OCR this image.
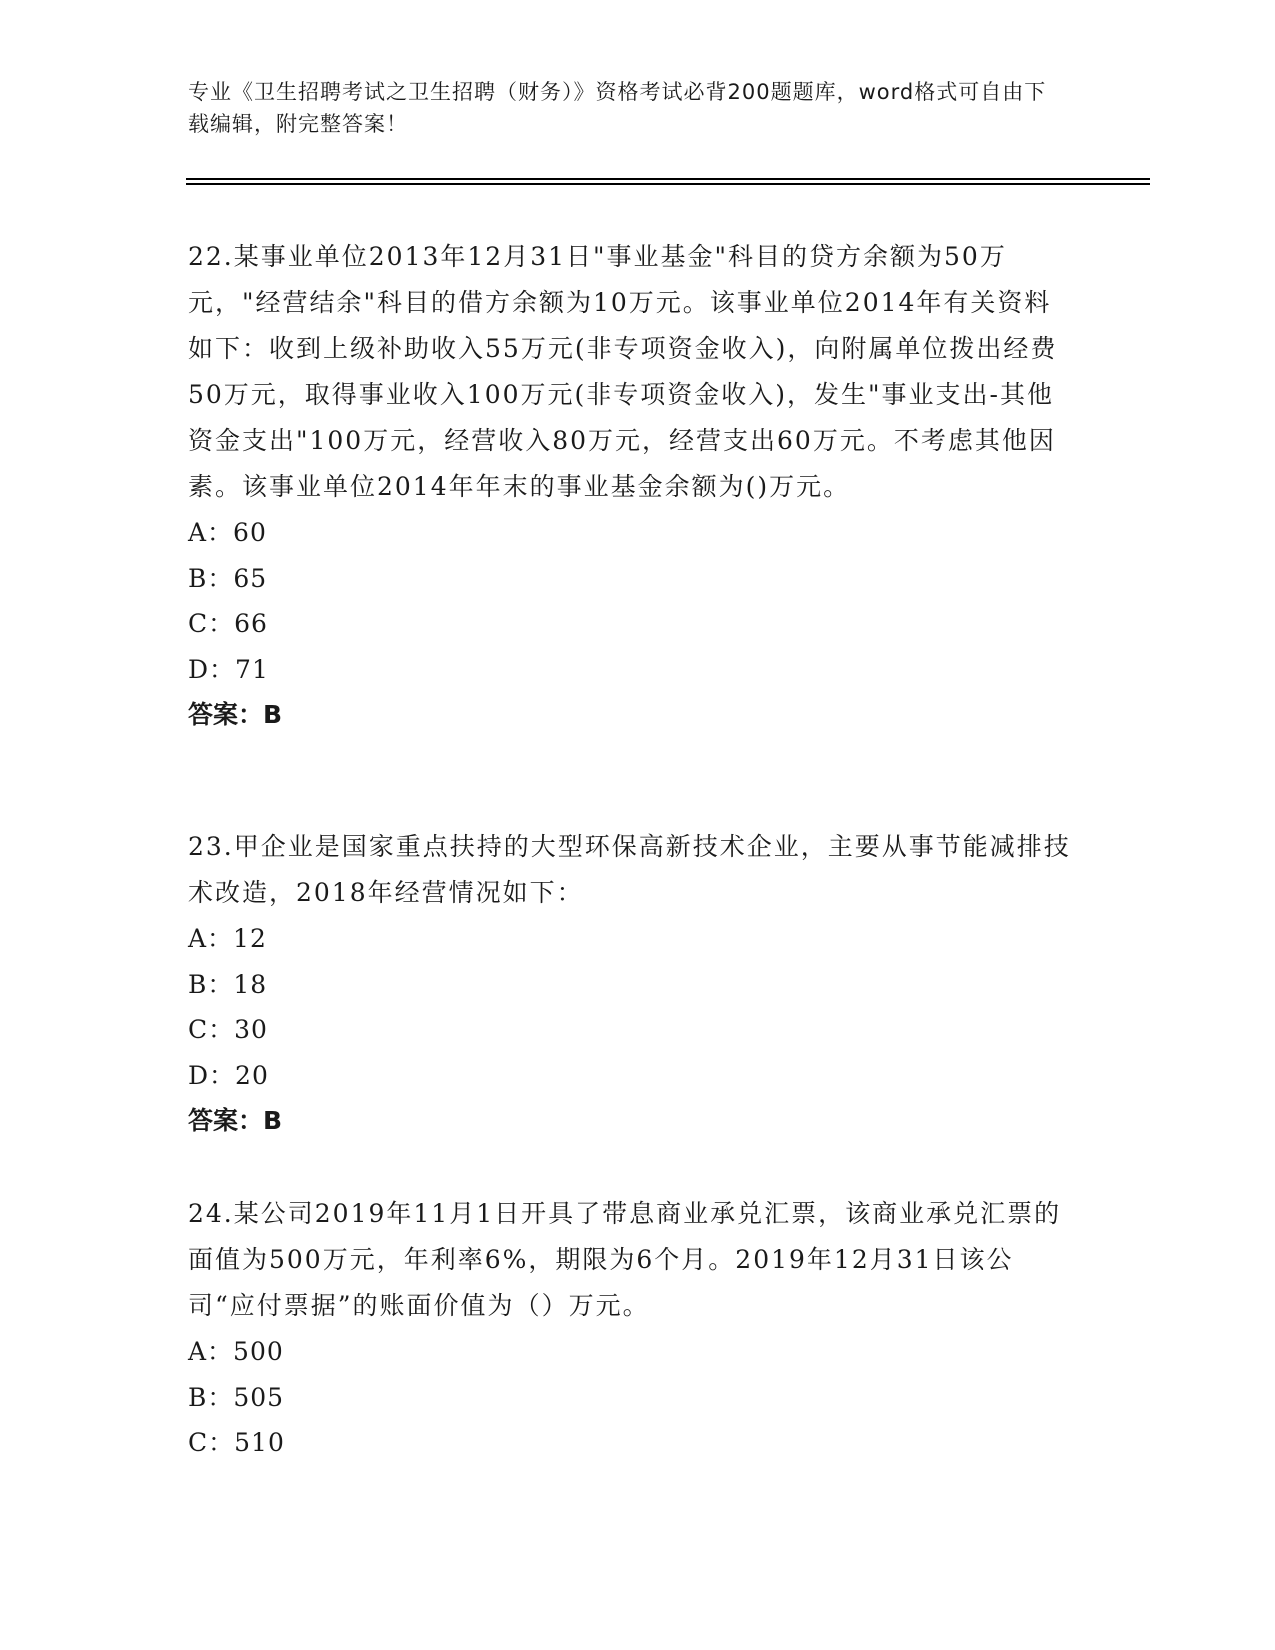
专业《卫生招聘考试之卫生招聘（财务）》资格考试必背200题题库，word格式可自由下载编辑，附完整答案！

22.某事业单位2013年12月31日"事业基金"科目的贷方余额为50万元，"经营结余"科目的借方余额为10万元。该事业单位2014年有关资料如下：收到上级补助收入55万元(非专项资金收入)，向附属单位拨出经费50万元，取得事业收入100万元(非专项资金收入)，发生"事业支出-其他资金支出"100万元，经营收入80万元，经营支出60万元。不考虑其他因素。该事业单位2014年年末的事业基金余额为()万元。

A：60

B：65

C：66

D：71

答案：B

23.甲企业是国家重点扶持的大型环保高新技术企业，主要从事节能减排技术改造，2018年经营情况如下：

A：12

B：18

C：30

D：20

答案：B

24.某公司2019年11月1日开具了带息商业承兑汇票，该商业承兑汇票的面值为500万元，年利率6%，期限为6个月。2019年12月31日该公司“应付票据”的账面价值为（）万元。

A：500

B：505

C：510
